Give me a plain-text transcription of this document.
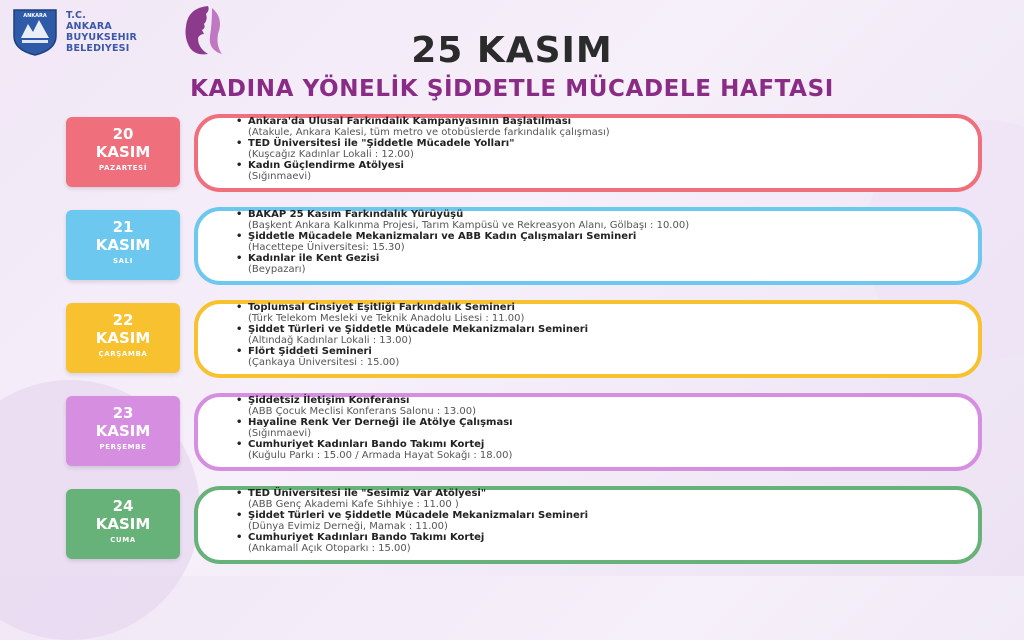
ANKARA T.C.
ANKARA
BUYUKSEHIR
BELEDIYESI	25 KASIM
KADINA YÖNELİK ŞİDDETLE MÜCADELE HAFTASI
20
KASIM
PAZARTESİ
• Ankara'da Ulusal Farkındalık Kampanyasının Başlatılması
(Atakule, Ankara Kalesi, tüm metro ve otobüslerde farkındalık çalışması)
• TED Üniversitesi ile "Şiddetle Mücadele Yolları"
(Kuşcağız Kadınlar Lokali : 12.00)
• Kadın Güçlendirme Atölyesi
(Sığınmaevi)
21
KASIM
SALI
• BAKAP 25 Kasım Farkındalık Yürüyüşü
(Başkent Ankara Kalkınma Projesi, Tarım Kampüsü ve Rekreasyon Alanı, Gölbaşı : 10.00)
• Şiddetle Mücadele Mekanizmaları ve ABB Kadın Çalışmaları Semineri
(Hacettepe Üniversitesi: 15.30)
• Kadınlar ile Kent Gezisi
(Beypazarı)
22
KASIM
ÇARŞAMBA
• Toplumsal Cinsiyet Eşitliği Farkındalık Semineri
(Türk Telekom Mesleki ve Teknik Anadolu Lisesi : 11.00)
• Şiddet Türleri ve Şiddetle Mücadele Mekanizmaları Semineri
(Altındağ Kadınlar Lokali : 13.00)
• Flört Şiddeti Semineri
(Çankaya Üniversitesi : 15.00)
23
KASIM
PERŞEMBE
• Şiddetsiz İletişim Konferansı
(ABB Çocuk Meclisi Konferans Salonu : 13.00)
• Hayaline Renk Ver Derneği ile Atölye Çalışması
(Sığınmaevi)
• Cumhuriyet Kadınları Bando Takımı Kortej
(Kuğulu Parkı : 15.00 / Armada Hayat Sokağı : 18.00)
24
KASIM
CUMA
• TED Üniversitesi ile "Sesimiz Var Atölyesi"
(ABB Genç Akademi Kafe Sıhhiye : 11.00 )
• Şiddet Türleri ve Şiddetle Mücadele Mekanizmaları Semineri
(Dünya Evimiz Derneği, Mamak : 11.00)
• Cumhuriyet Kadınları Bando Takımı Kortej
(Ankamall Açık Otoparkı : 15.00)
